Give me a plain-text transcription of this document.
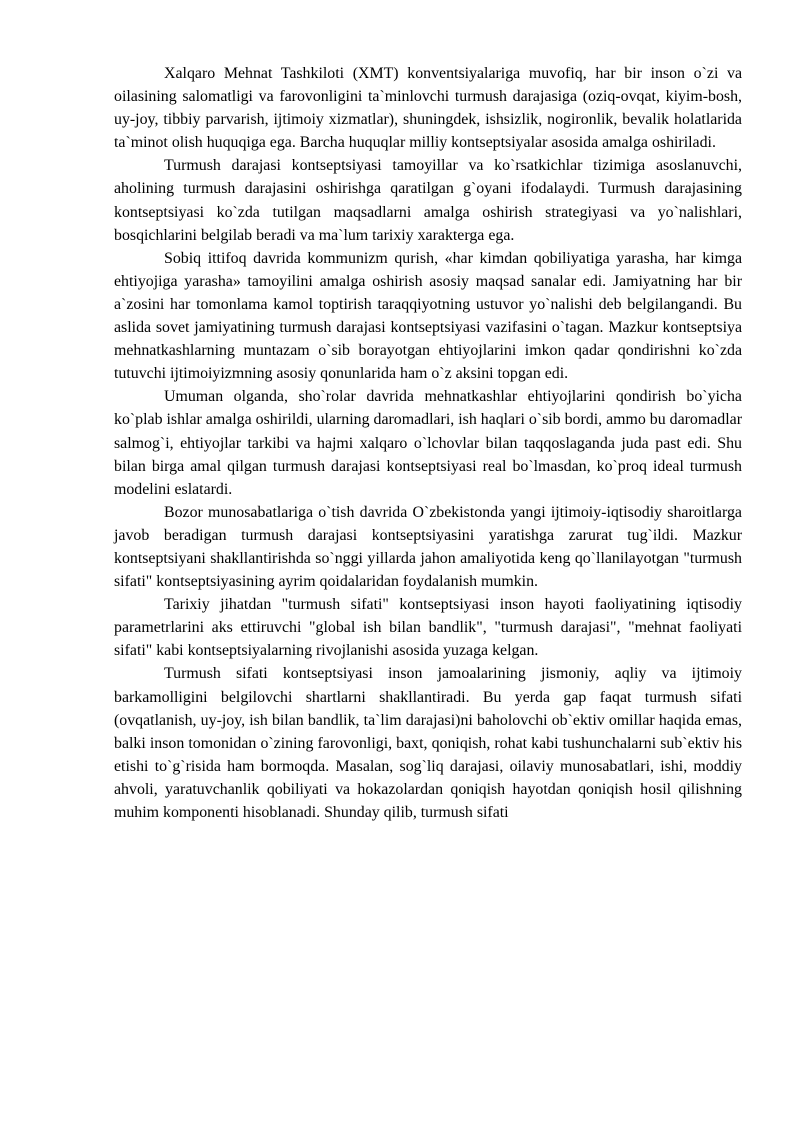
Xalqaro Mehnat Tashkiloti (XMT) konventsiyalariga muvofiq, har bir inson o`zi va oilasining salomatligi va farovonligini ta`minlovchi turmush darajasiga (oziq-ovqat, kiyim-bosh, uy-joy, tibbiy parvarish, ijtimoiy xizmatlar), shuningdek, ishsizlik, nogironlik, bevalik holatlarida ta`minot olish huquqiga ega. Barcha huquqlar milliy kontseptsiyalar asosida amalga oshiriladi.

Turmush darajasi kontseptsiyasi tamoyillar va ko`rsatkichlar tizimiga asoslanuvchi, aholining turmush darajasini oshirishga qaratilgan g`oyani ifodalaydi. Turmush darajasining kontseptsiyasi ko`zda tutilgan maqsadlarni amalga oshirish strategiyasi va yo`nalishlari, bosqichlarini belgilab beradi va ma`lum tarixiy xarakterga ega.

Sobiq ittifoq davrida kommunizm qurish, «har kimdan qobiliyatiga yarasha, har kimga ehtiyojiga yarasha» tamoyilini amalga oshirish asosiy maqsad sanalar edi. Jamiyatning har bir a`zosini har tomonlama kamol toptirish taraqqiyotning ustuvor yo`nalishi deb belgilangandi. Bu aslida sovet jamiyatining turmush darajasi kontseptsiyasi vazifasini o`tagan. Mazkur kontseptsiya mehnatkashlarning muntazam o`sib borayotgan ehtiyojlarini imkon qadar qondirishni ko`zda tutuvchi ijtimoiyizmning asosiy qonunlarida ham o`z aksini topgan edi.

Umuman olganda, sho`rolar davrida mehnatkashlar ehtiyojlarini qondirish bo`yicha ko`plab ishlar amalga oshirildi, ularning daromadlari, ish haqlari o`sib bordi, ammo bu daromadlar salmog`i, ehtiyojlar tarkibi va hajmi xalqaro o`lchovlar bilan taqqoslaganda juda past edi. Shu bilan birga amal qilgan turmush darajasi kontseptsiyasi real bo`lmasdan, ko`proq ideal turmush modelini eslatardi.

Bozor munosabatlariga o`tish davrida O`zbekistonda yangi ijtimoiy-iqtisodiy sharoitlarga javob beradigan turmush darajasi kontseptsiyasini yaratishga zarurat tug`ildi. Mazkur kontseptsiyani shakllantirishda so`nggi yillarda jahon amaliyotida keng qo`llanilayotgan "turmush sifati" kontseptsiyasining ayrim qoidalaridan foydalanish mumkin.

Tarixiy jihatdan "turmush sifati" kontseptsiyasi inson hayoti faoliyatining iqtisodiy parametrlarini aks ettiruvchi "global ish bilan bandlik", "turmush darajasi", "mehnat faoliyati sifati" kabi kontseptsiyalarning rivojlanishi asosida yuzaga kelgan.

Turmush sifati kontseptsiyasi inson jamoalarining jismoniy, aqliy va ijtimoiy barkamolligini belgilovchi shartlarni shakllantiradi. Bu yerda gap faqat turmush sifati (ovqatlanish, uy-joy, ish bilan bandlik, ta`lim darajasi)ni baholovchi ob`ektiv omillar haqida emas, balki inson tomonidan o`zining farovonligi, baxt, qoniqish, rohat kabi tushunchalarni sub`ektiv his etishi to`g`risida ham bormoqda. Masalan, sog`liq darajasi, oilaviy munosabatlari, ishi, moddiy ahvoli, yaratuvchanlik qobiliyati va hokazolardan qoniqish hayotdan qoniqish hosil qilishning muhim komponenti hisoblanadi. Shunday qilib, turmush sifati
